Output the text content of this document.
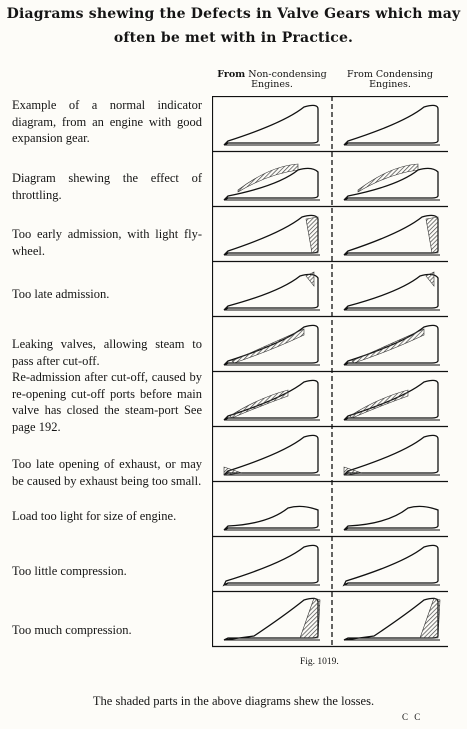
Diagrams shewing the Defects in Valve Gears which may
often be met with in Practice.
From Non-condensing
Engines.
From Condensing
Engines.
Example of a normal indicator diagram, from an engine with good expansion gear.
Diagram shewing the effect of throttling.
Too early admission, with light fly-wheel.
Too late admission.
Leaking valves, allowing steam to pass after cut-off.
Re-admission after cut-off, caused by re-opening cut-off ports before main valve has closed the steam-port See page 192.
Too late opening of exhaust, or may be caused by exhaust being too small.
Load too light for size of engine.
Too little compression.
Too much compression.
Fig. 1019.
The shaded parts in the above diagrams shew the losses.
C C
